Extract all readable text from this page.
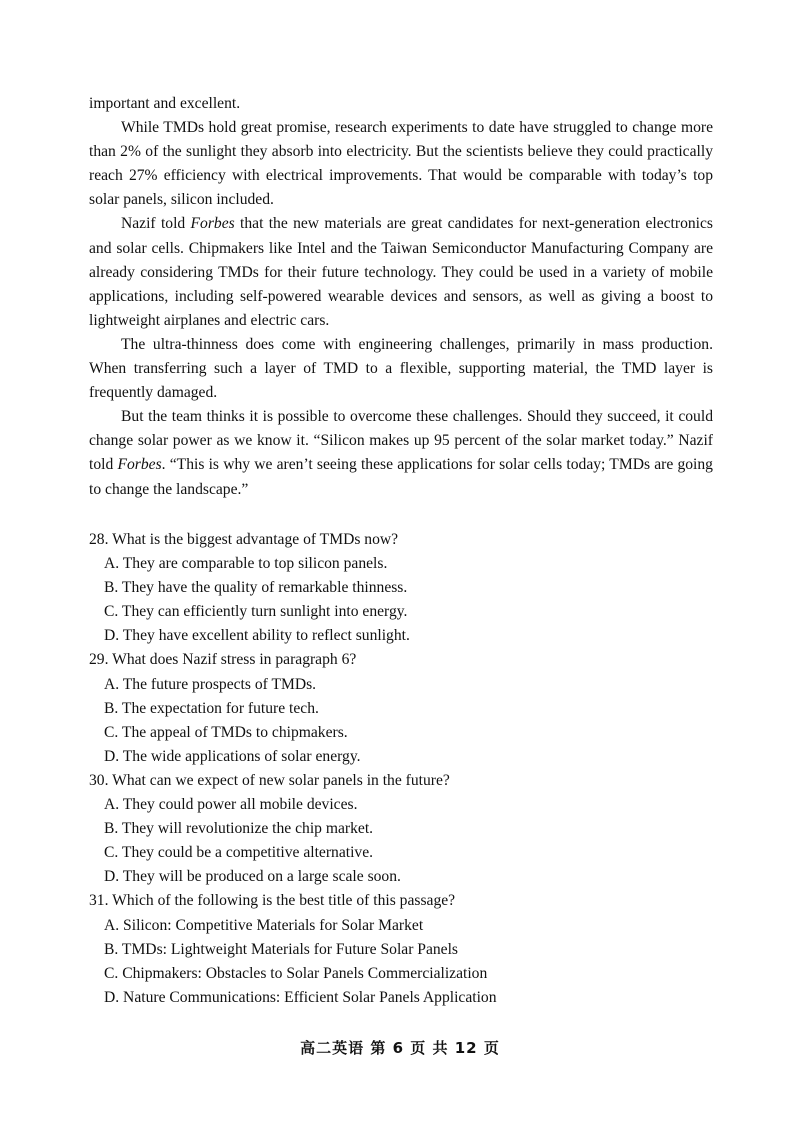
important and excellent.

While TMDs hold great promise, research experiments to date have struggled to change more than 2% of the sunlight they absorb into electricity. But the scientists believe they could practically reach 27% efficiency with electrical improvements. That would be comparable with today’s top solar panels, silicon included.

Nazif told Forbes that the new materials are great candidates for next-generation electronics and solar cells. Chipmakers like Intel and the Taiwan Semiconductor Manufacturing Company are already considering TMDs for their future technology. They could be used in a variety of mobile applications, including self-powered wearable devices and sensors, as well as giving a boost to lightweight airplanes and electric cars.

The ultra-thinness does come with engineering challenges, primarily in mass production. When transferring such a layer of TMD to a flexible, supporting material, the TMD layer is frequently damaged.

But the team thinks it is possible to overcome these challenges. Should they succeed, it could change solar power as we know it. “Silicon makes up 95 percent of the solar market today.” Nazif told Forbes. “This is why we aren’t seeing these applications for solar cells today; TMDs are going to change the landscape.”

28. What is the biggest advantage of TMDs now?
A. They are comparable to top silicon panels.
B. They have the quality of remarkable thinness.
C. They can efficiently turn sunlight into energy.
D. They have excellent ability to reflect sunlight.
29. What does Nazif stress in paragraph 6?
A. The future prospects of TMDs.
B. The expectation for future tech.
C. The appeal of TMDs to chipmakers.
D. The wide applications of solar energy.
30. What can we expect of new solar panels in the future?
A. They could power all mobile devices.
B. They will revolutionize the chip market.
C. They could be a competitive alternative.
D. They will be produced on a large scale soon.
31. Which of the following is the best title of this passage?
A. Silicon: Competitive Materials for Solar Market
B. TMDs: Lightweight Materials for Future Solar Panels
C. Chipmakers: Obstacles to Solar Panels Commercialization
D. Nature Communications: Efficient Solar Panels Application
高二英语 第 6 页 共 12 页
